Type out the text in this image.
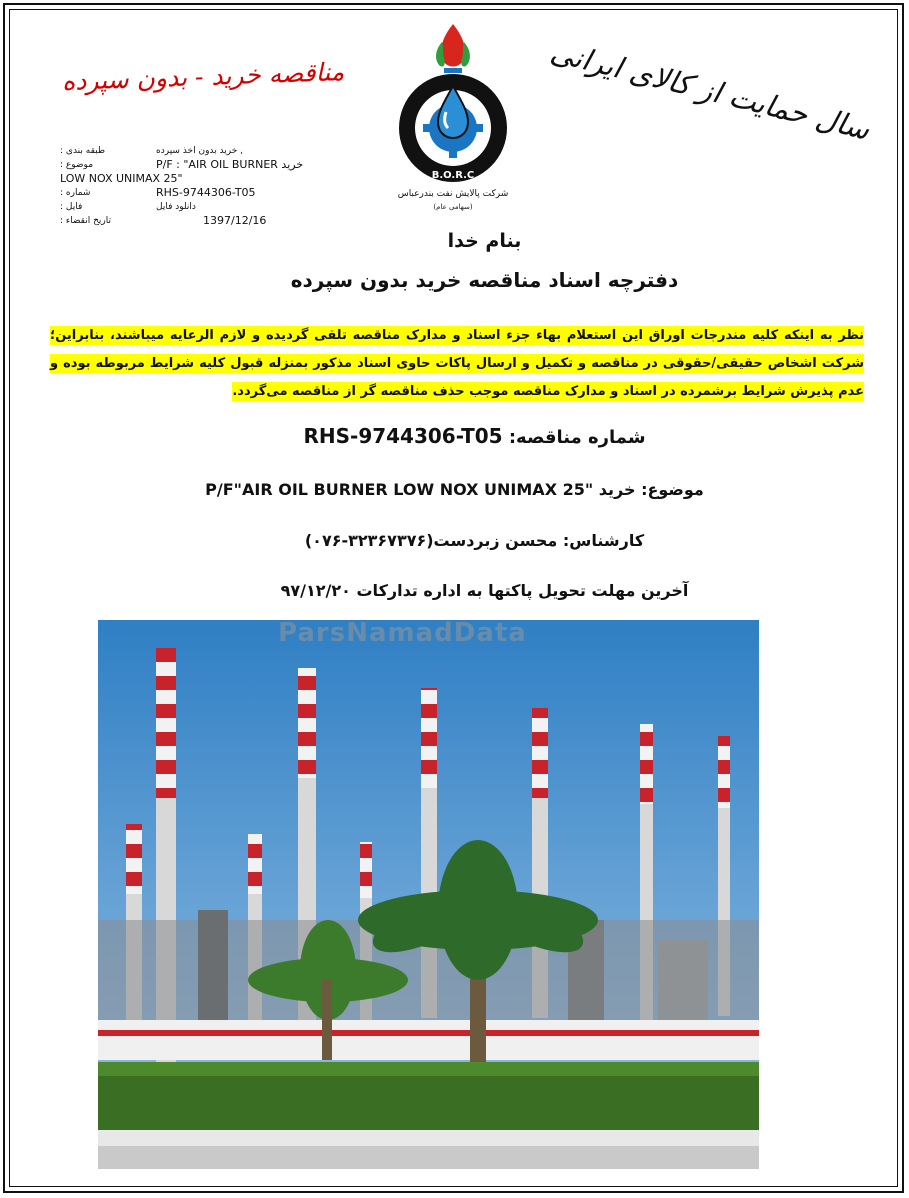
مناقصه خرید - بدون سپرده	سال حمایت از کالای ایرانی
B.O.R.C
شرکت پالایش نفت بندرعباس
(سهامی عام)
طبقه بندی :	خرید بدون اخذ سپرده ,
موضوع :	P/F : "AIR OIL BURNER خرید
LOW NOX UNIMAX 25"
شماره :	RHS-9744306-T05
فایل :	دانلود فایل
تاریخ انقضاء :	1397/12/16
بنام خدا
دفترچه اسناد مناقصه خرید بدون سپرده
نظر به اینکه کلیه مندرجات اوراق این استعلام بهاء جزء اسناد و مدارک مناقصه تلقی گردیده و لازم الرعایه میباشند، بنابراین؛ شرکت اشخاص حقیقی/حقوقی در مناقصه و تکمیل و ارسال پاکات حاوی اسناد مذکور بمنزله قبول کلیه شرایط مربوطه بوده و عدم پذیرش شرایط برشمرده در اسناد و مدارک مناقصه موجب حذف مناقصه گر از مناقصه می‌گردد.
شماره مناقصه: RHS-9744306-T05
موضوع: خرید "P/F"AIR OIL BURNER LOW NOX UNIMAX 25
کارشناس: محسن زبردست(۳۲۳۶۷۳۷۶-۰۷۶)
آخرین مهلت تحویل پاکتها به اداره تدارکات ۹۷/۱۲/۲۰
ParsNamadData
